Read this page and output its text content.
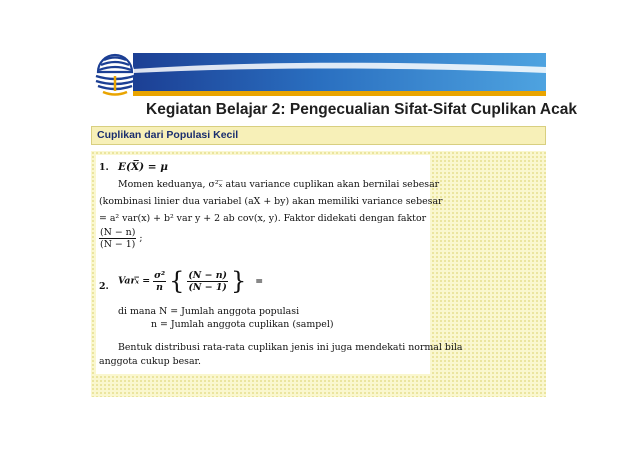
Kegiatan Belajar 2: Pengecualian Sifat-Sifat Cuplikan Acak
Cuplikan dari Populasi Kecil
1. E(X̅) = μ
Momen keduanya, σ²ₓ̅ atau variance cuplikan akan bernilai sebesar
(kombinasi linier dua variabel (aX + by) akan memiliki variance sebesar
= a² var(x) + b² var y + 2 ab cov(x, y). Faktor didekati dengan faktor
$\frac{(N - n)}{(N - 1)}$ ;
2. Varₓ̅ = $\frac{\text{σ²}}{n}$ { $\frac{(N - n)}{(N - 1)}$ } =
di mana N = Jumlah anggota populasi
n = Jumlah anggota cuplikan (sampel)
Bentuk distribusi rata-rata cuplikan jenis ini juga mendekati normal bila
anggota cukup besar.
